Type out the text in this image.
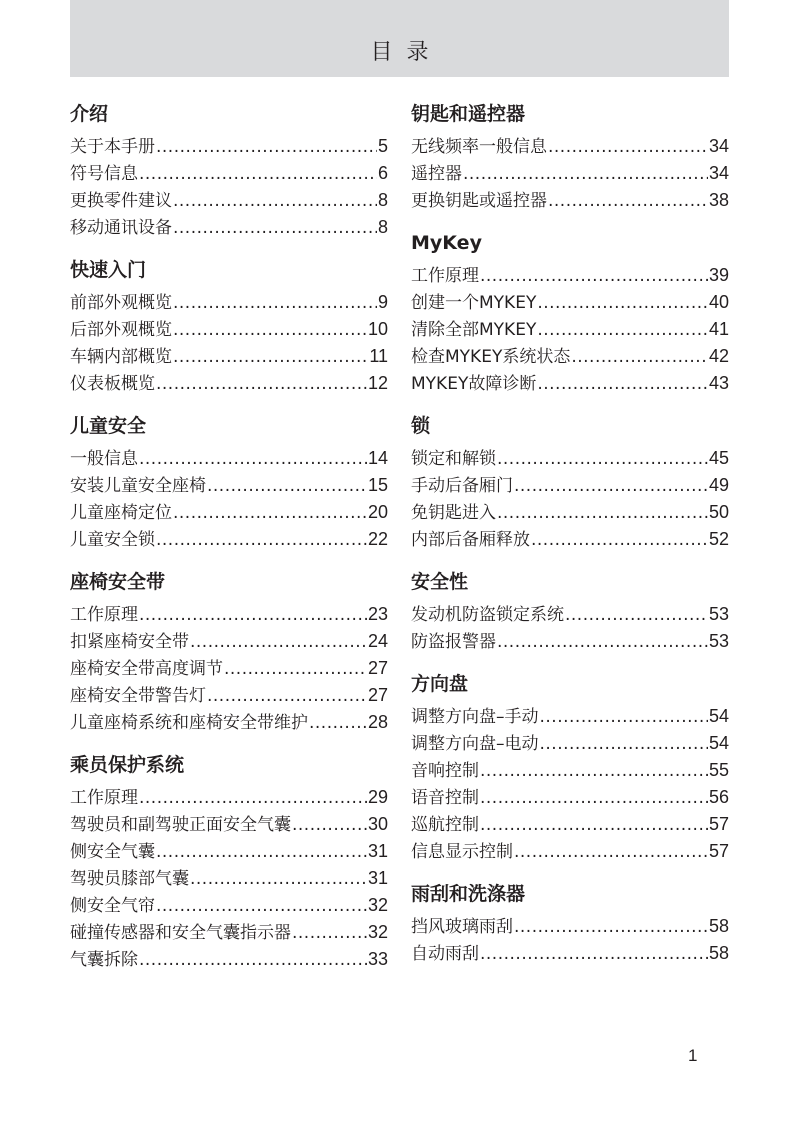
目录
介绍
关于本手册 .....	5
符号信息 .....	6
更换零件建议 .....	8
移动通讯设备 .....	8
快速入门
前部外观概览 .....	9
后部外观概览 .....	10
车辆内部概览 .....	11
仪表板概览 .....	12
儿童安全
一般信息 .....	14
安装儿童安全座椅 .....	15
儿童座椅定位 .....	20
儿童安全锁 .....	22
座椅安全带
工作原理 .....	23
扣紧座椅安全带 .....	24
座椅安全带高度调节 .....	27
座椅安全带警告灯 .....	27
儿童座椅系统和座椅安全带维护 .....	28
乘员保护系统
工作原理 .....	29
驾驶员和副驾驶正面安全气囊 .....	30
侧安全气囊 .....	31
驾驶员膝部气囊 .....	31
侧安全气帘 .....	32
碰撞传感器和安全气囊指示器 .....	32
气囊拆除 .....	33
钥匙和遥控器
无线频率一般信息 .....	34
遥控器 .....	34
更换钥匙或遥控器 .....	38
MyKey
工作原理 .....	39
创建一个MYKEY .....	40
清除全部MYKEY .....	41
检查MYKEY系统状态 .....	42
MYKEY故障诊断 .....	43
锁
锁定和解锁 .....	45
手动后备厢门 .....	49
免钥匙进入 .....	50
内部后备厢释放 .....	52
安全性
发动机防盗锁定系统 .....	53
防盗报警器 .....	53
方向盘
调整方向盘–手动 .....	54
调整方向盘–电动 .....	54
音响控制 .....	55
语音控制 .....	56
巡航控制 .....	57
信息显示控制 .....	57
雨刮和洗涤器
挡风玻璃雨刮 .....	58
自动雨刮 .....	58
1
